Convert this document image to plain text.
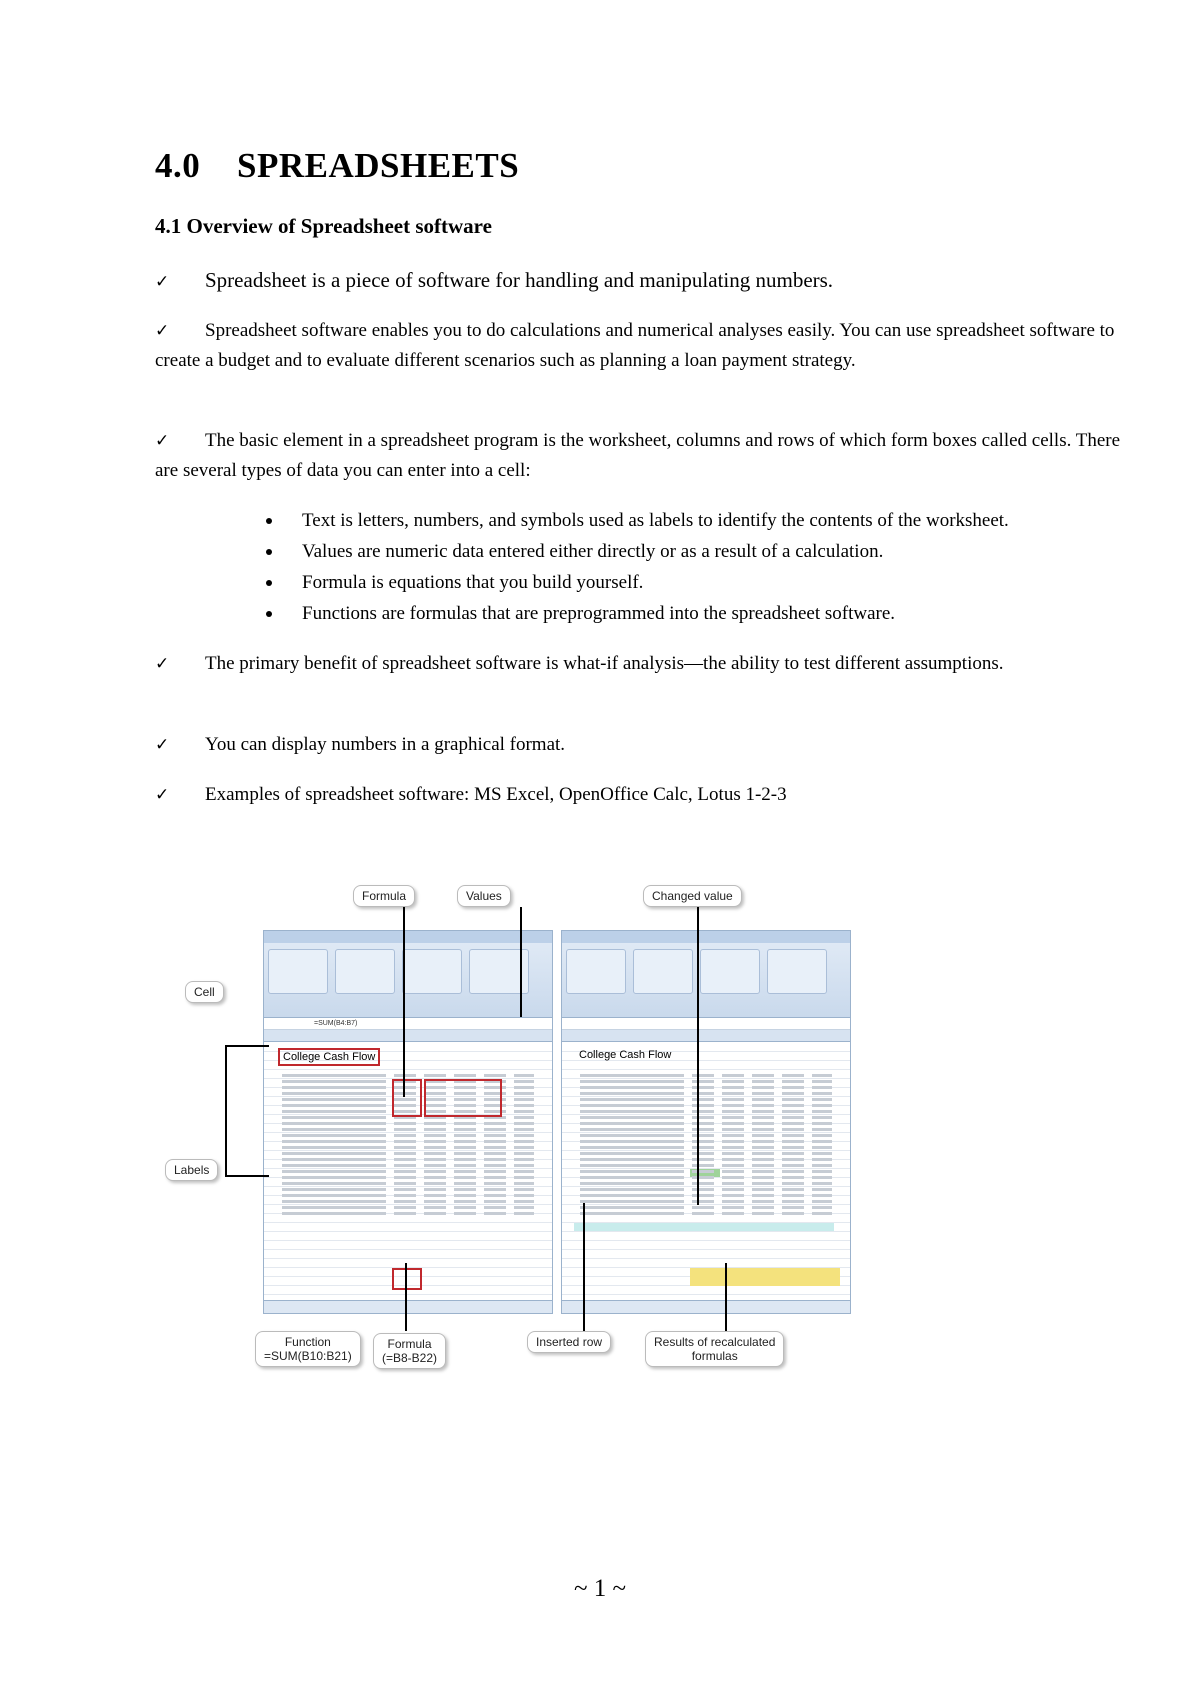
4.0 SPREADSHEETS
4.1 Overview of Spreadsheet software
✓ Spreadsheet is a piece of software for handling and manipulating numbers.
✓ Spreadsheet software enables you to do calculations and numerical analyses easily. You can use spreadsheet software to create a budget and to evaluate different scenarios such as planning a loan payment strategy.
✓ The basic element in a spreadsheet program is the worksheet, columns and rows of which form boxes called cells. There are several types of data you can enter into a cell:
Text is letters, numbers, and symbols used as labels to identify the contents of the worksheet.
Values are numeric data entered either directly or as a result of a calculation.
Formula is equations that you build yourself.
Functions are formulas that are preprogrammed into the spreadsheet software.
✓ The primary benefit of spreadsheet software is what-if analysis—the ability to test different assumptions.
✓ You can display numbers in a graphical format.
✓ Examples of spreadsheet software: MS Excel, OpenOffice Calc, Lotus 1-2-3
=SUM(B4:B7)
College Cash Flow	College Cash Flow
Formula	Values	Changed value
Cell
Labels
Function
=SUM(B10:B21)
Formula
(=B8-B22)
Inserted row	Results of recalculated
formulas
~ 1 ~
